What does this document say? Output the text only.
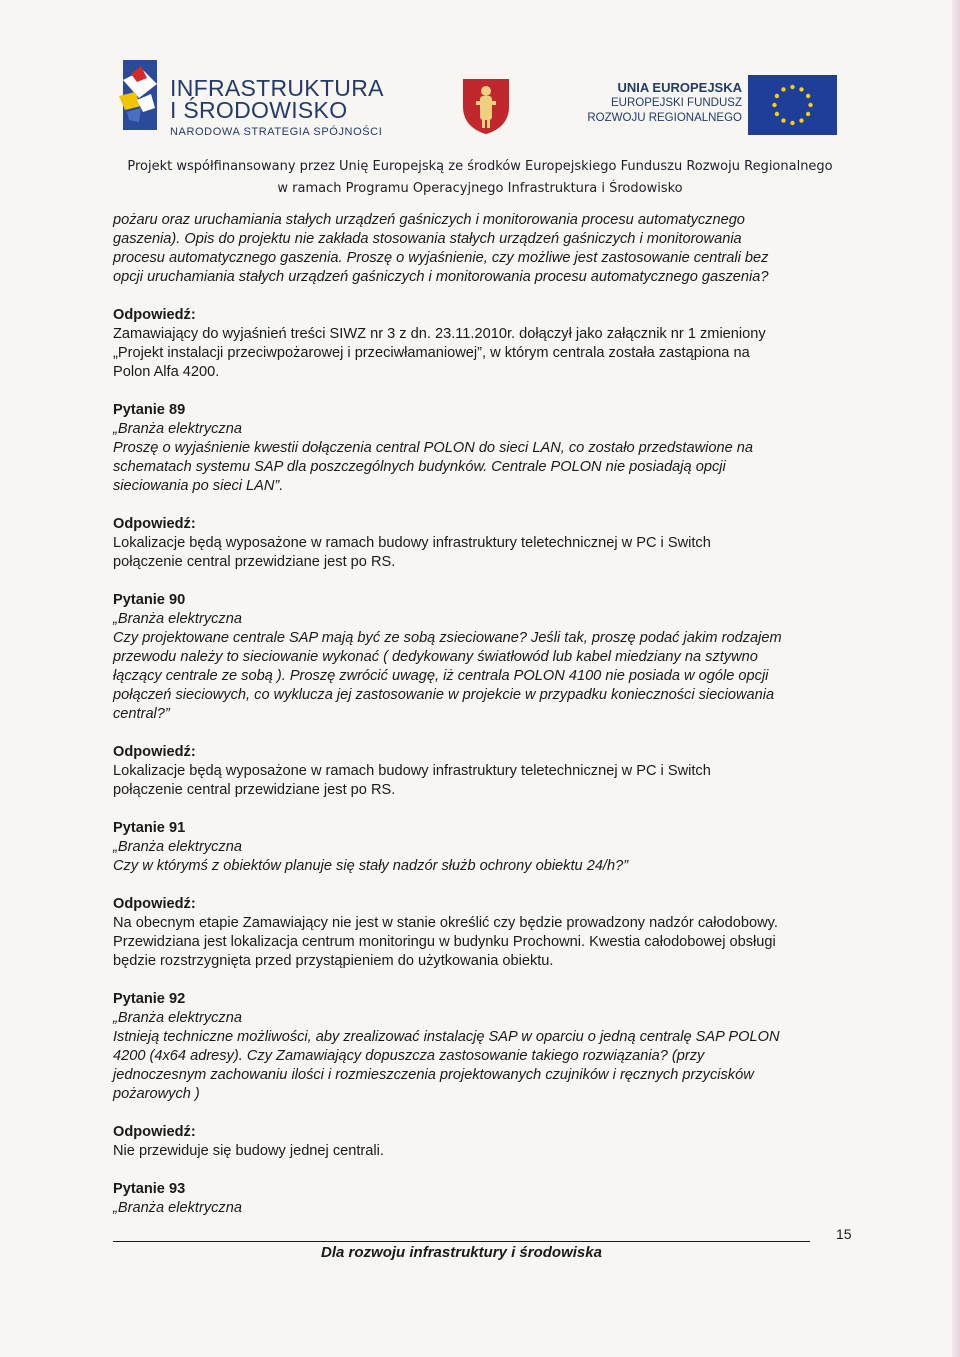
INFRASTRUKTURA
I ŚRODOWISKO
NARODOWA STRATEGIA SPÓJNOŚCI
UNIA EUROPEJSKA
EUROPEJSKI FUNDUSZ
ROZWOJU REGIONALNEGO
Projekt współfinansowany przez Unię Europejską ze środków Europejskiego Funduszu Rozwoju Regionalnego
w ramach Programu Operacyjnego Infrastruktura i Środowisko
pożaru oraz uruchamiania stałych urządzeń gaśniczych i monitorowania procesu automatycznego
gaszenia). Opis do projektu nie zakłada stosowania stałych urządzeń gaśniczych i monitorowania
procesu automatycznego gaszenia. Proszę o wyjaśnienie, czy możliwe jest zastosowanie centrali bez
opcji uruchamiania stałych urządzeń gaśniczych i monitorowania procesu automatycznego gaszenia?
Odpowiedź:
Zamawiający do wyjaśnień treści SIWZ nr 3 z dn. 23.11.2010r. dołączył jako załącznik nr 1 zmieniony
„Projekt instalacji przeciwpożarowej i przeciwłamaniowej”, w którym centrala została zastąpiona na
Polon Alfa 4200.
Pytanie 89
„Branża elektryczna
Proszę o wyjaśnienie kwestii dołączenia central POLON do sieci LAN, co zostało przedstawione na
schematach systemu SAP dla poszczególnych budynków. Centrale POLON nie posiadają opcji
sieciowania po sieci LAN”.
Odpowiedź:
Lokalizacje będą wyposażone w ramach budowy infrastruktury teletechnicznej w PC i Switch
połączenie central przewidziane jest po RS.
Pytanie 90
„Branża elektryczna
Czy projektowane centrale SAP mają być ze sobą zsieciowane? Jeśli tak, proszę podać jakim rodzajem
przewodu należy to sieciowanie wykonać ( dedykowany światłowód lub kabel miedziany na sztywno
łączący centrale ze sobą ). Proszę zwrócić uwagę, iż centrala POLON 4100 nie posiada w ogóle opcji
połączeń sieciowych, co wyklucza jej zastosowanie w projekcie w przypadku konieczności sieciowania
central?”
Odpowiedź:
Lokalizacje będą wyposażone w ramach budowy infrastruktury teletechnicznej w PC i Switch
połączenie central przewidziane jest po RS.
Pytanie 91
„Branża elektryczna
Czy w którymś z obiektów planuje się stały nadzór służb ochrony obiektu 24/h?”
Odpowiedź:
Na obecnym etapie Zamawiający nie jest w stanie określić czy będzie prowadzony nadzór całodobowy.
Przewidziana jest lokalizacja centrum monitoringu w budynku Prochowni. Kwestia całodobowej obsługi
będzie rozstrzygnięta przed przystąpieniem do użytkowania obiektu.
Pytanie 92
„Branża elektryczna
Istnieją techniczne możliwości, aby zrealizować instalację SAP w oparciu o jedną centralę SAP POLON
4200 (4x64 adresy). Czy Zamawiający dopuszcza zastosowanie takiego rozwiązania? (przy
jednoczesnym zachowaniu ilości i rozmieszczenia projektowanych czujników i ręcznych przycisków
pożarowych )
Odpowiedź:
Nie przewiduje się budowy jednej centrali.
Pytanie 93
„Branża elektryczna
Dla rozwoju infrastruktury i środowiska
15
